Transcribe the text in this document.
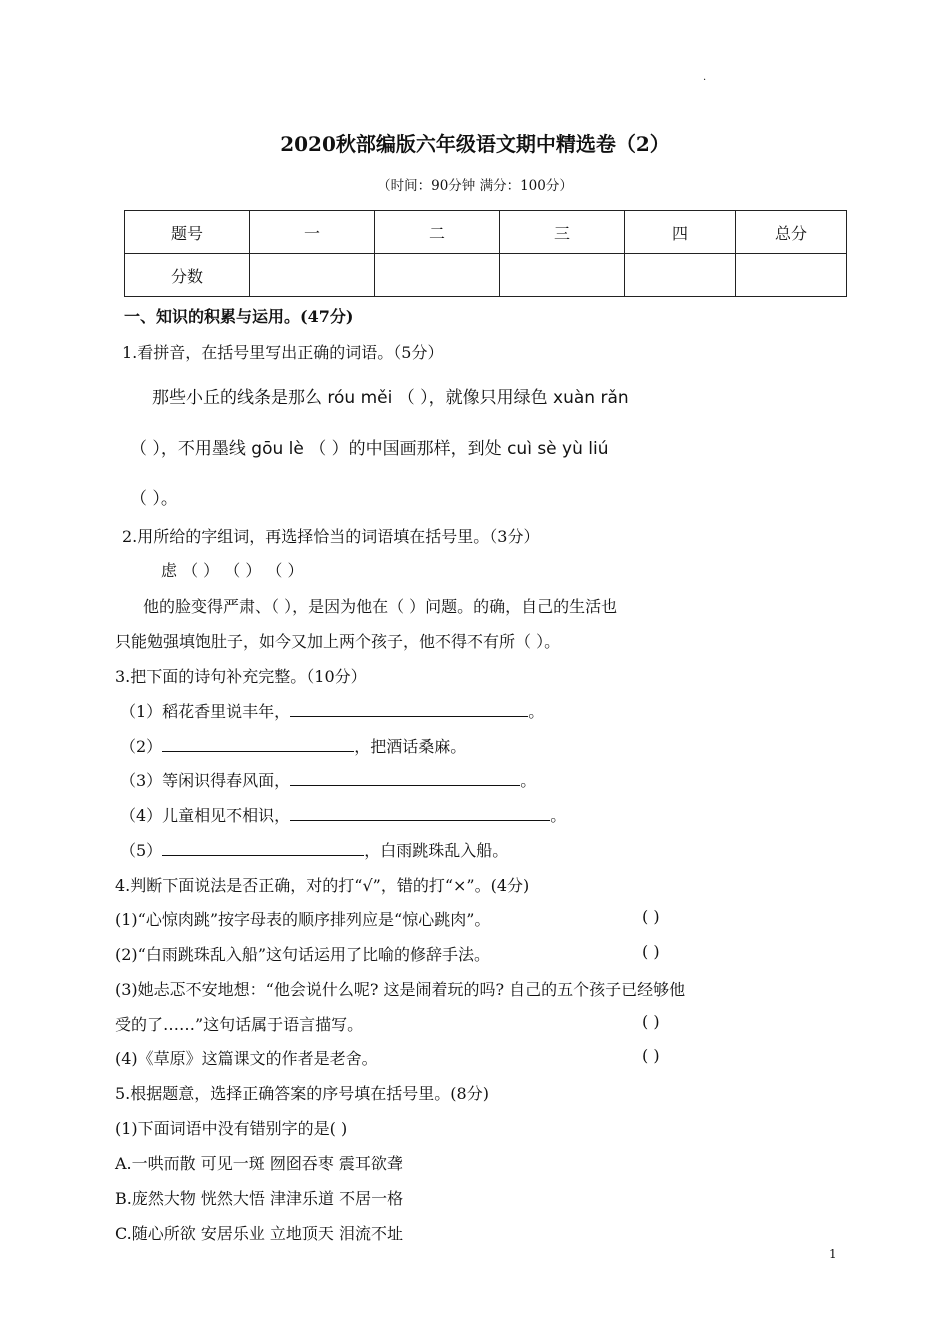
.
2020秋部编版六年级语文期中精选卷（2）
（时间：90分钟 满分：100分）
题号	一	二	三	四	总分
分数					
一、知识的积累与运用。(47分)
1.看拼音，在括号里写出正确的词语。（5分）
那些小丘的线条是那么 róu měi （ ），就像只用绿色 xuàn rǎn
（ ），不用墨线 gōu lè （ ）的中国画那样，到处 cuì sè yù liú
（ ）。
2.用所给的字组词，再选择恰当的词语填在括号里。（3分）
虑 （ ） （ ） （ ）
他的脸变得严肃、（ ），是因为他在（ ）问题。的确，自己的生活也
只能勉强填饱肚子，如今又加上两个孩子，他不得不有所（ ）。
3.把下面的诗句补充完整。（10分）
（1）稻花香里说丰年，	。
（2）	，把酒话桑麻。
（3）等闲识得春风面，	。
（4）儿童相见不相识，	。
（5）	，白雨跳珠乱入船。
4.判断下面说法是否正确，对的打“√”，错的打“×”。(4分)
(1)“心惊肉跳”按字母表的顺序排列应是“惊心跳肉”。	( )
(2)“白雨跳珠乱入船”这句话运用了比喻的修辞手法。	( )
(3)她忐忑不安地想：“他会说什么呢? 这是闹着玩的吗? 自己的五个孩子已经够他
受的了……”这句话属于语言描写。	( )
(4)《草原》这篇课文的作者是老舍。	( )
5.根据题意，选择正确答案的序号填在括号里。(8分)
(1)下面词语中没有错别字的是( )
A.一哄而散 可见一斑 囫囵吞枣 震耳欲聋
B.庞然大物 恍然大悟 津津乐道 不居一格
C.随心所欲 安居乐业 立地顶天 泪流不址
1
